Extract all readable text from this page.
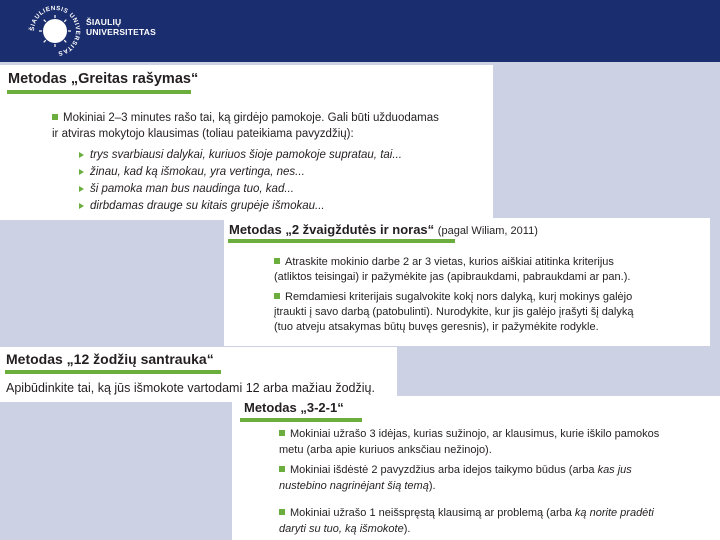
ŠIAULIENSIS UNIVERSITAS
ŠIAULIŲ
UNIVERSITETAS
Metodas „Greitas rašymas“
Mokiniai 2–3 minutes rašo tai, ką girdėjo pamokoje. Gali būti užduodamas
ir atviras mokytojo klausimas (toliau pateikiama pavyzdžių):
trys svarbiausi dalykai, kuriuos šioje pamokoje supratau, tai...
žinau, kad ką išmokau, yra vertinga, nes...
ši pamoka man bus naudinga tuo, kad...
dirbdamas drauge su kitais grupėje išmokau...
Metodas „2 žvaigždutės ir noras“ (pagal Wiliam, 2011)
Atraskite mokinio darbe 2 ar 3 vietas, kurios aiškiai atitinka kriterijus
(atliktos teisingai) ir pažymėkite jas (apibraukdami, pabraukdami ar pan.).
Remdamiesi kriterijais sugalvokite kokį nors dalyką, kurį mokinys galėjo
įtraukti į savo darbą (patobulinti). Nurodykite, kur jis galėjo įrašyti šį dalyką
(tuo atveju atsakymas būtų buvęs geresnis), ir pažymėkite rodykle.
Metodas „12 žodžių santrauka“
Apibūdinkite tai, ką jūs išmokote vartodami 12 arba mažiau žodžių.
Metodas „3-2-1“
Mokiniai užrašo 3 idėjas, kurias sužinojo, ar klausimus, kurie iškilo pamokos
metu (arba apie kuriuos anksčiau nežinojo).
Mokiniai išdėstė 2 pavyzdžius arba idejos taikymo būdus (arba kas jus
nustebino nagrinėjant šią temą).
Mokiniai užrašo 1 neišspręstą klausimą ar problemą (arba ką norite pradėti
daryti su tuo, ką išmokote).
